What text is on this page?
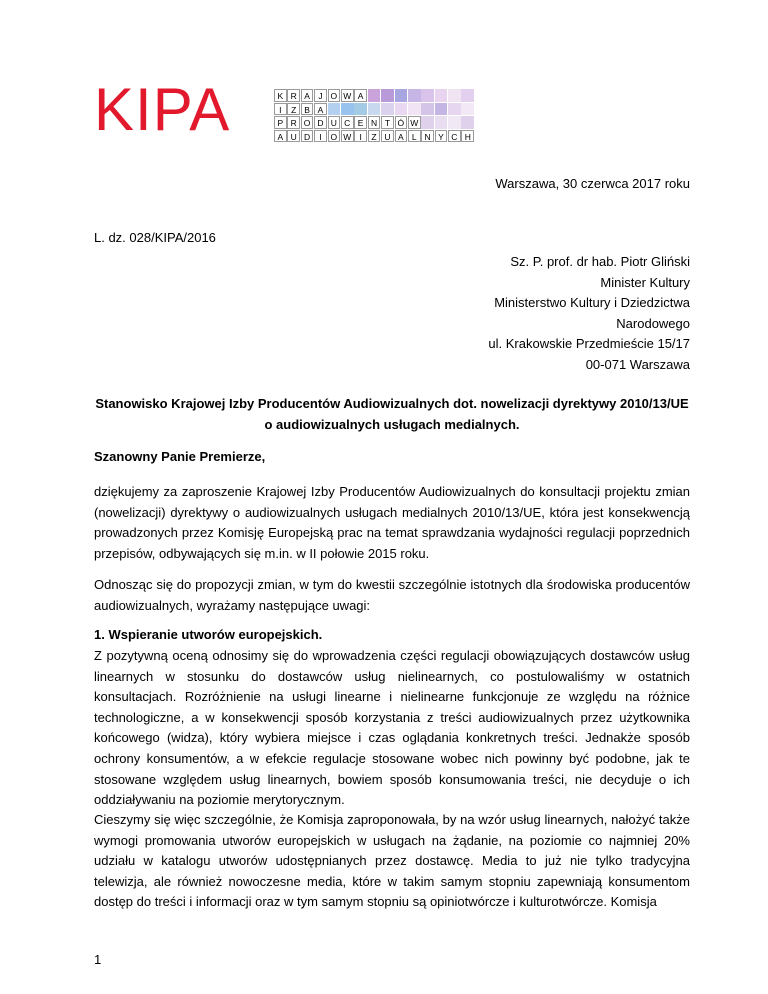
KIPA	K R A J O W A
I	Z B A
P R O D U C E N T Ó W
A U D	I	O W I	Z U A L N Y C H
Warszawa, 30 czerwca 2017 roku
L. dz. 028/KIPA/2016
Sz. P. prof. dr hab. Piotr Gliński
Minister Kultury
Ministerstwo Kultury i Dziedzictwa
Narodowego
ul. Krakowskie Przedmieście 15/17
00-071 Warszawa
Stanowisko Krajowej Izby Producentów Audiowizualnych dot. nowelizacji dyrektywy 2010/13/UE o audiowizualnych usługach medialnych.
Szanowny Panie Premierze,
dziękujemy za zaproszenie Krajowej Izby Producentów Audiowizualnych do konsultacji projektu zmian (nowelizacji) dyrektywy o audiowizualnych usługach medialnych 2010/13/UE, która jest konsekwencją prowadzonych przez Komisję Europejską prac na temat sprawdzania wydajności regulacji poprzednich przepisów, odbywających się m.in. w II połowie 2015 roku.
Odnosząc się do propozycji zmian, w tym do kwestii szczególnie istotnych dla środowiska producentów audiowizualnych, wyrażamy następujące uwagi:
1. Wspieranie utworów europejskich.
Z pozytywną oceną odnosimy się do wprowadzenia części regulacji obowiązujących dostawców usług linearnych w stosunku do dostawców usług nielinearnych, co postulowaliśmy w ostatnich konsultacjach. Rozróżnienie na usługi linearne i nielinearne funkcjonuje ze względu na różnice technologiczne, a w konsekwencji sposób korzystania z treści audiowizualnych przez użytkownika końcowego (widza), który wybiera miejsce i czas oglądania konkretnych treści. Jednakże sposób ochrony konsumentów, a w efekcie regulacje stosowane wobec nich powinny być podobne, jak te stosowane względem usług linearnych, bowiem sposób konsumowania treści, nie decyduje o ich oddziaływaniu na poziomie merytorycznym.
Cieszymy się więc szczególnie, że Komisja zaproponowała, by na wzór usług linearnych, nałożyć także wymogi promowania utworów europejskich w usługach na żądanie, na poziomie co najmniej 20% udziału w katalogu utworów udostępnianych przez dostawcę. Media to już nie tylko tradycyjna telewizja, ale również nowoczesne media, które w takim samym stopniu zapewniają konsumentom dostęp do treści i informacji oraz w tym samym stopniu są opiniotwórcze i kulturotwórcze. Komisja
1
